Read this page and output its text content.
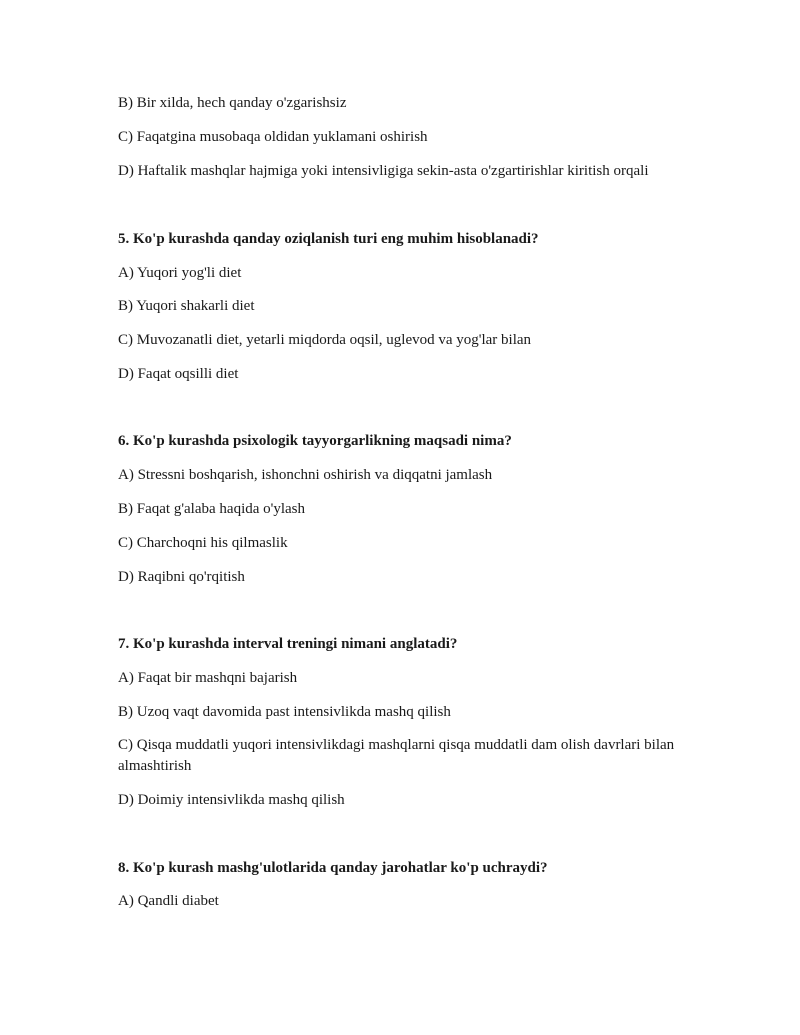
B) Bir xilda, hech qanday o'zgarishsiz
C) Faqatgina musobaqa oldidan yuklamani oshirish
D) Haftalik mashqlar hajmiga yoki intensivligiga sekin-asta o'zgartirishlar kiritish orqali
5. Ko'p kurashda qanday oziqlanish turi eng muhim hisoblanadi?
A) Yuqori yog'li diet
B) Yuqori shakarli diet
C) Muvozanatli diet, yetarli miqdorda oqsil, uglevod va yog'lar bilan
D) Faqat oqsilli diet
6. Ko'p kurashda psixologik tayyorgarlikning maqsadi nima?
A) Stressni boshqarish, ishonchni oshirish va diqqatni jamlash
B) Faqat g'alaba haqida o'ylash
C) Charchoqni his qilmaslik
D) Raqibni qo'rqitish
7. Ko'p kurashda interval treningi nimani anglatadi?
A) Faqat bir mashqni bajarish
B) Uzoq vaqt davomida past intensivlikda mashq qilish
C) Qisqa muddatli yuqori intensivlikdagi mashqlarni qisqa muddatli dam olish davrlari bilan almashtirish
D) Doimiy intensivlikda mashq qilish
8. Ko'p kurash mashg'ulotlarida qanday jarohatlar ko'p uchraydi?
A) Qandli diabet
